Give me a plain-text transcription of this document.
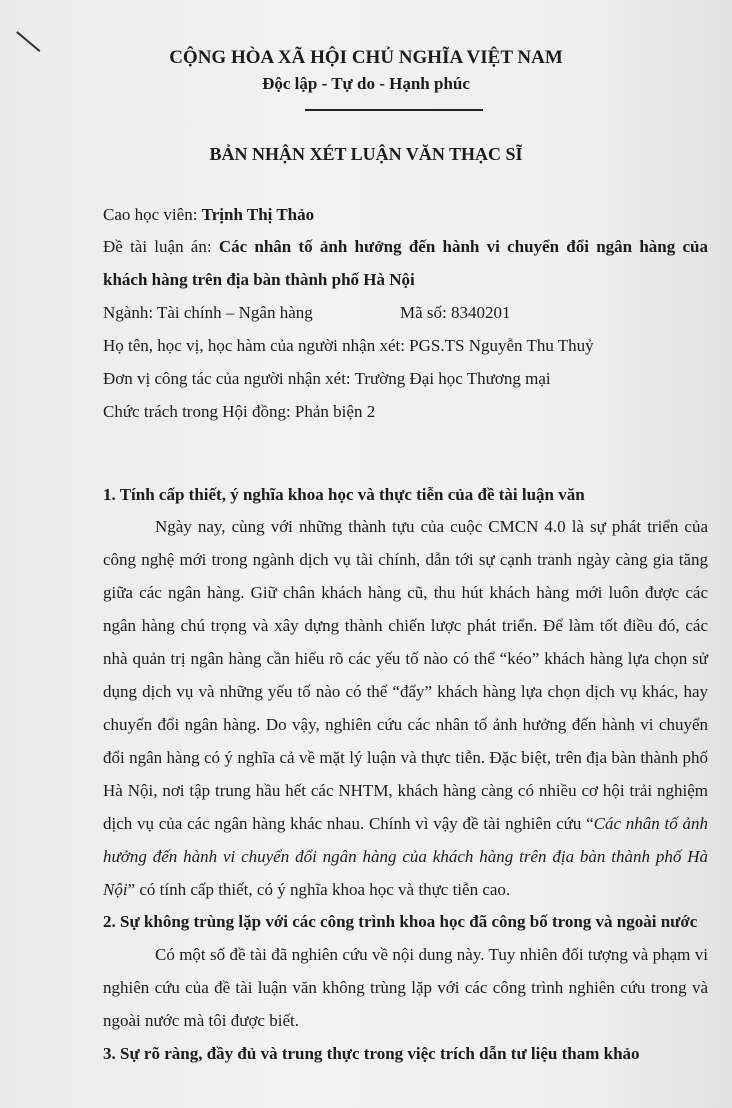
CỘNG HÒA XÃ HỘI CHỦ NGHĨA VIỆT NAM
Độc lập - Tự do - Hạnh phúc
BẢN NHẬN XÉT LUẬN VĂN THẠC SĨ
Cao học viên: Trịnh Thị Thảo
Đề tài luận án: Các nhân tố ảnh hưởng đến hành vi chuyển đổi ngân hàng của
khách hàng trên địa bàn thành phố Hà Nội
Ngành: Tài chính – Ngân hàng	Mã số: 8340201
Họ tên, học vị, học hàm của người nhận xét: PGS.TS Nguyễn Thu Thuỷ
Đơn vị công tác của người nhận xét: Trường Đại học Thương mại
Chức trách trong Hội đồng: Phản biện 2
1. Tính cấp thiết, ý nghĩa khoa học và thực tiễn của đề tài luận văn
Ngày nay, cùng với những thành tựu của cuộc CMCN 4.0 là sự phát triển của
công nghệ mới trong ngành dịch vụ tài chính, dẫn tới sự cạnh tranh ngày càng gia tăng
giữa các ngân hàng. Giữ chân khách hàng cũ, thu hút khách hàng mới luôn được các
ngân hàng chú trọng và xây dựng thành chiến lược phát triển. Để làm tốt điều đó, các
nhà quản trị ngân hàng cần hiểu rõ các yếu tố nào có thể “kéo” khách hàng lựa chọn sử
dụng dịch vụ và những yếu tố nào có thể “đẩy” khách hàng lựa chọn dịch vụ khác, hay
chuyển đổi ngân hàng. Do vậy, nghiên cứu các nhân tố ảnh hưởng đến hành vi chuyển
đổi ngân hàng có ý nghĩa cả về mặt lý luận và thực tiễn. Đặc biệt, trên địa bàn thành phố
Hà Nội, nơi tập trung hầu hết các NHTM, khách hàng càng có nhiều cơ hội trải nghiệm
dịch vụ của các ngân hàng khác nhau. Chính vì vậy đề tài nghiên cứu “Các nhân tố ảnh
hưởng đến hành vi chuyển đổi ngân hàng của khách hàng trên địa bàn thành phố Hà
Nội” có tính cấp thiết, có ý nghĩa khoa học và thực tiễn cao.
2. Sự không trùng lặp với các công trình khoa học đã công bố trong và ngoài nước
Có một số đề tài đã nghiên cứu về nội dung này. Tuy nhiên đối tượng và phạm vi
nghiên cứu của đề tài luận văn không trùng lặp với các công trình nghiên cứu trong và
ngoài nước mà tôi được biết.
3. Sự rõ ràng, đầy đủ và trung thực trong việc trích dẫn tư liệu tham khảo
